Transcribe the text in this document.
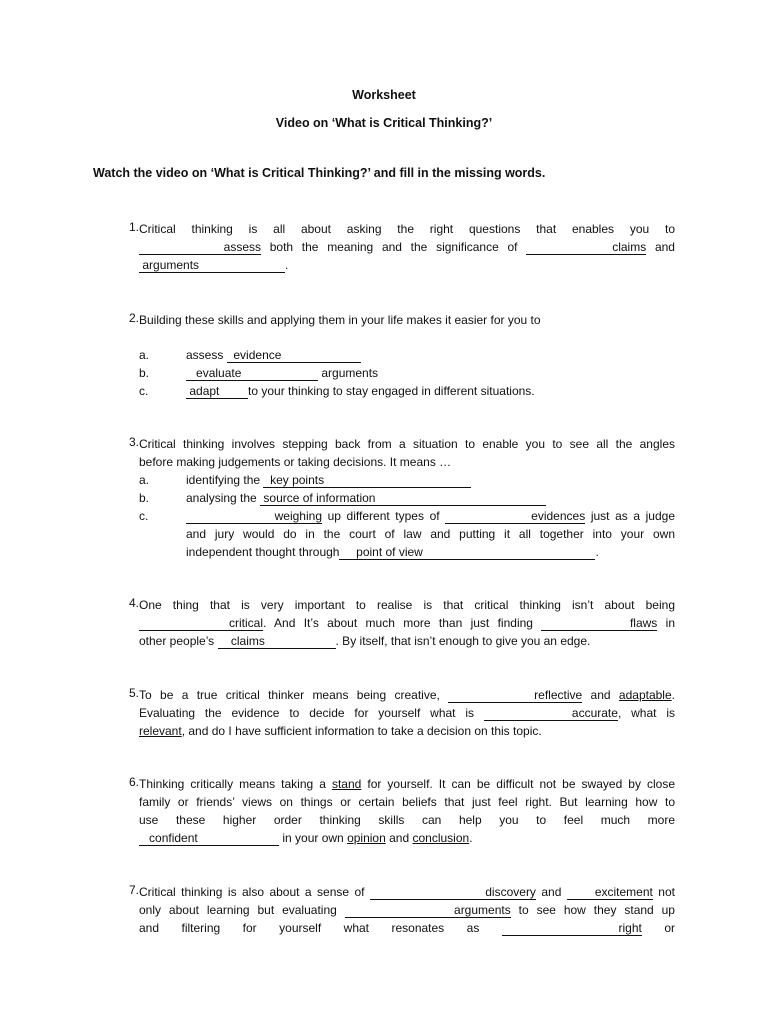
Worksheet
Video on ‘What is Critical Thinking?’
Watch the video on ‘What is Critical Thinking?’ and fill in the missing words.
1. Critical thinking is all about asking the right questions that enables you to
assess both the meaning and the significance of	claims and
arguments	.
2. Building these skills and applying them in your life makes it easier for you to
a.	assess evidence
b.	evaluate	arguments
c.	adapt to your thinking to stay engaged in different situations.
3. Critical thinking involves stepping back from a situation to enable you to see all the angles
before making judgements or taking decisions. It means …
a.	identifying the key points
b.	analysing the source of information
c.	weighing up different types of	evidences just as a judge
and jury would do in the court of law and putting it all together into your own
independent thought through point of view	.
4. One thing that is very important to realise is that critical thinking isn’t about being
critical. And It’s about much more than just finding	flaws in
other people’s claims	. By itself, that isn’t enough to give you an edge.
5. To be a true critical thinker means being creative,	reflective and adaptable.
Evaluating the evidence to decide for yourself what is	accurate, what is
relevant, and do I have sufficient information to take a decision on this topic.
6. Thinking critically means taking a stand for yourself. It can be difficult not be swayed by close
family or friends’ views on things or certain beliefs that just feel right. But learning how to
use these higher order thinking skills can help you to feel much more
confident	in your own opinion and conclusion.
7. Critical thinking is also about a sense of	discovery and	excitement not
only about learning but evaluating	arguments to see how they stand up
and filtering for yourself what resonates as	right or
